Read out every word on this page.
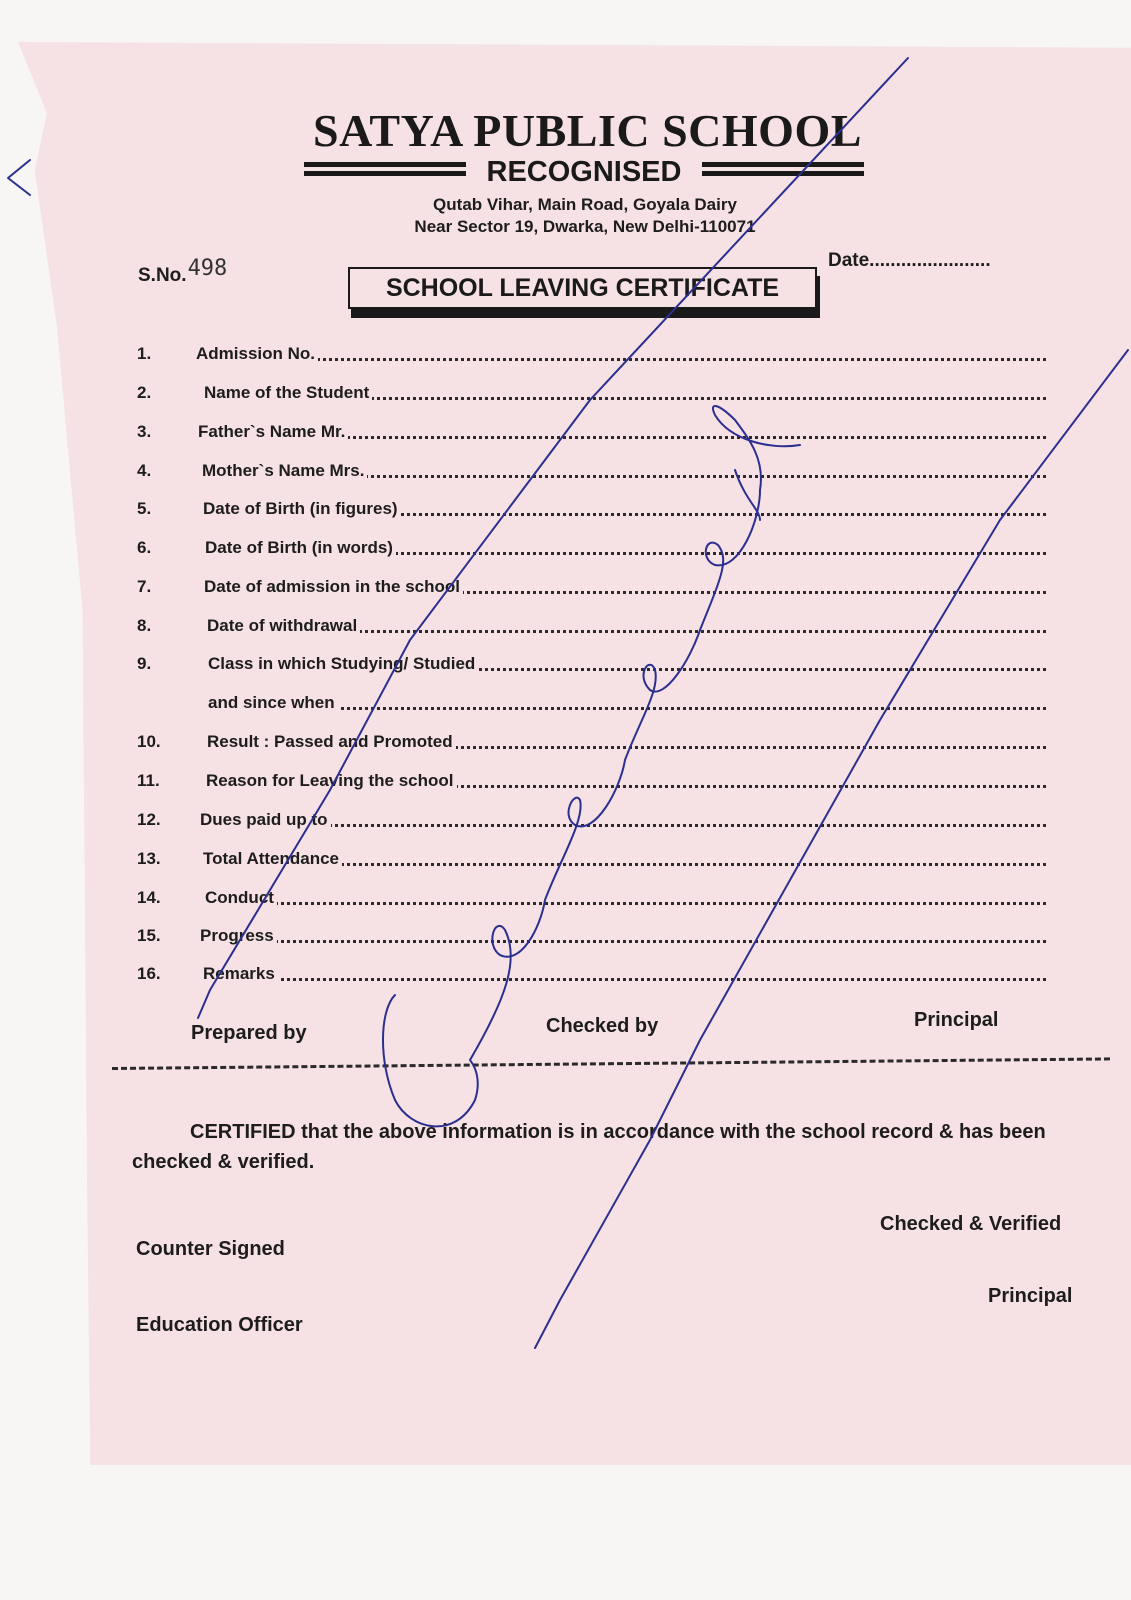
SATYA PUBLIC SCHOOL
RECOGNISED
Qutab Vihar, Main Road, Goyala Dairy
Near Sector 19, Dwarka, New Delhi-110071
S.No.498	Date.......................
SCHOOL LEAVING CERTIFICATE
1.	Admission No.
2.	Name of the Student
3.	Father`s Name Mr.
4.	Mother`s Name Mrs.
5.	Date of Birth (in figures)
6.	Date of Birth (in words)
7.	Date of admission in the school
8.	Date of withdrawal
9.	Class in which Studying/ Studied
and since when
10.	Result : Passed and Promoted
11.	Reason for Leaving the school
12.	Dues paid up to
13.	Total Attendance
14.	Conduct
15.	Progress
16.	Remarks
Prepared by	Checked by	Principal
CERTIFIED that the above information is in accordance with the school record & has been checked & verified.
Checked & Verified
Counter Signed
Principal
Education Officer
